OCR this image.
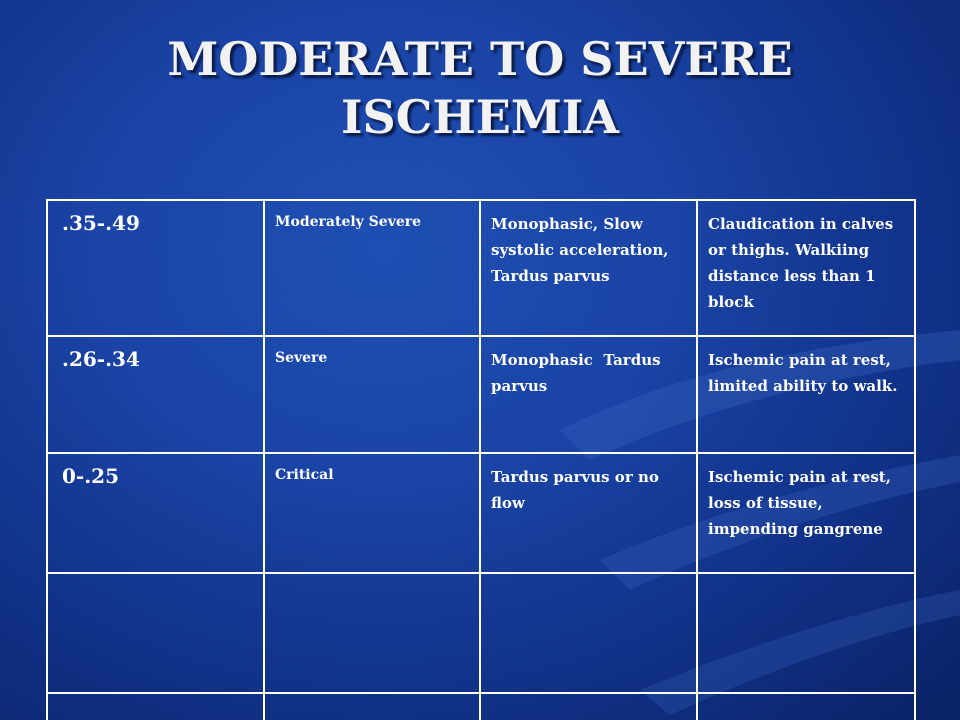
MODERATE TO SEVERE
ISCHEMIA
.35-.49	Moderately Severe	Monophasic, Slow systolic acceleration, Tardus parvus	Claudication in calves or thighs. Walkiing distance less than 1 block

.26-.34	Severe	Monophasic  Tardus parvus	Ischemic pain at rest, limited ability to walk.

0-.25	Critical	Tardus parvus or no flow	Ischemic pain at rest, loss of tissue, impending gangrene
